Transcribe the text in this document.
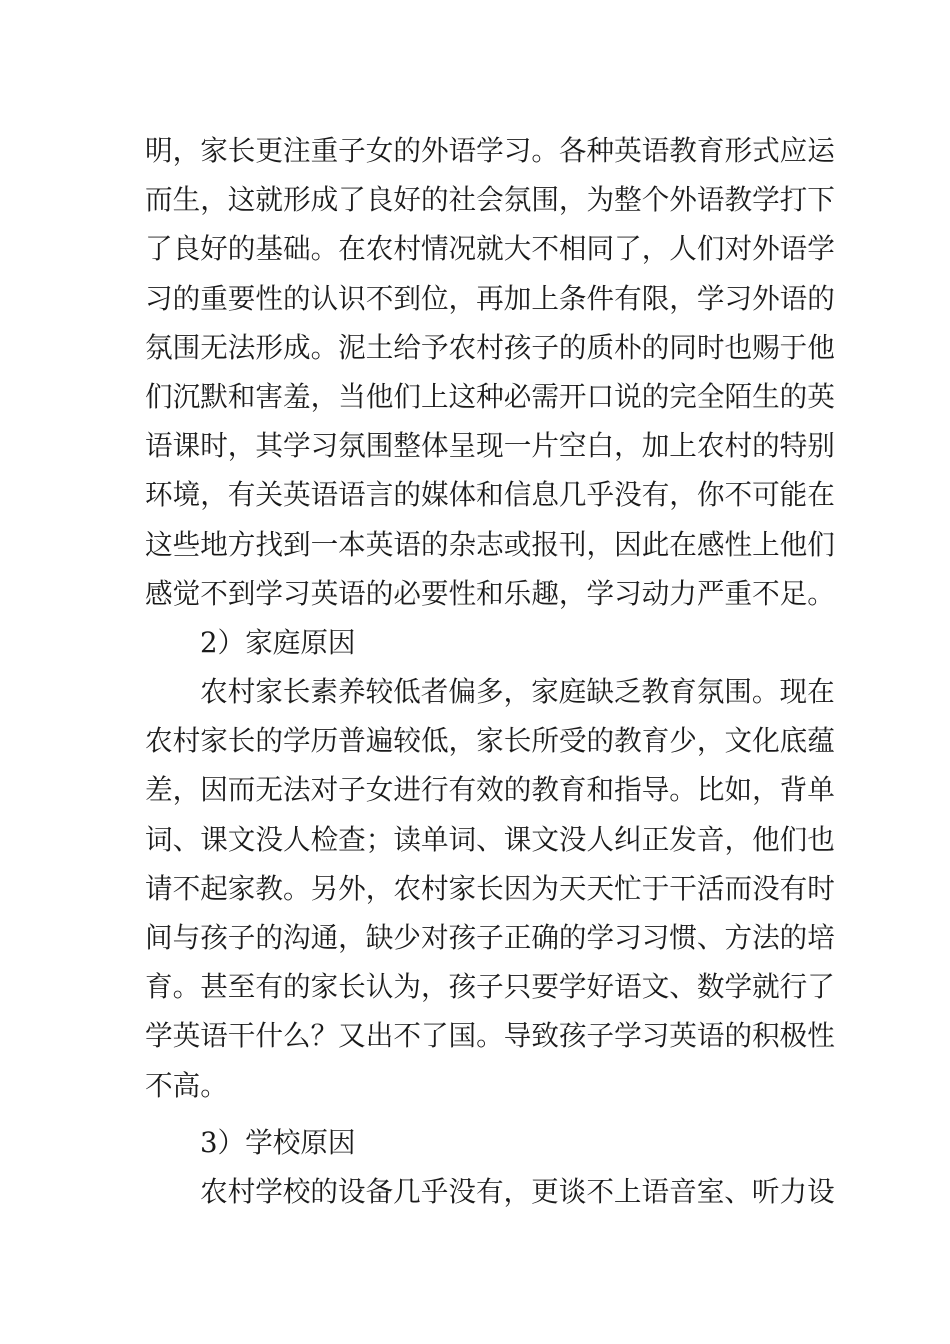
明，家长更注重子女的外语学习。各种英语教育形式应运
而生，这就形成了良好的社会氛围，为整个外语教学打下
了良好的基础。在农村情况就大不相同了，人们对外语学
习的重要性的认识不到位，再加上条件有限，学习外语的
氛围无法形成。泥土给予农村孩子的质朴的同时也赐于他
们沉默和害羞，当他们上这种必需开口说的完全陌生的英
语课时，其学习氛围整体呈现一片空白，加上农村的特别
环境，有关英语语言的媒体和信息几乎没有，你不可能在
这些地方找到一本英语的杂志或报刊，因此在感性上他们
感觉不到学习英语的必要性和乐趣，学习动力严重不足。
2）家庭原因
农村家长素养较低者偏多，家庭缺乏教育氛围。现在
农村家长的学历普遍较低，家长所受的教育少，文化底蕴
差，因而无法对子女进行有效的教育和指导。比如，背单
词、课文没人检查；读单词、课文没人纠正发音，他们也
请不起家教。另外，农村家长因为天天忙于干活而没有时
间与孩子的沟通，缺少对孩子正确的学习习惯、方法的培
育。甚至有的家长认为，孩子只要学好语文、数学就行了
学英语干什么？又出不了国。导致孩子学习英语的积极性
不高。
3）学校原因
农村学校的设备几乎没有，更谈不上语音室、听力设
